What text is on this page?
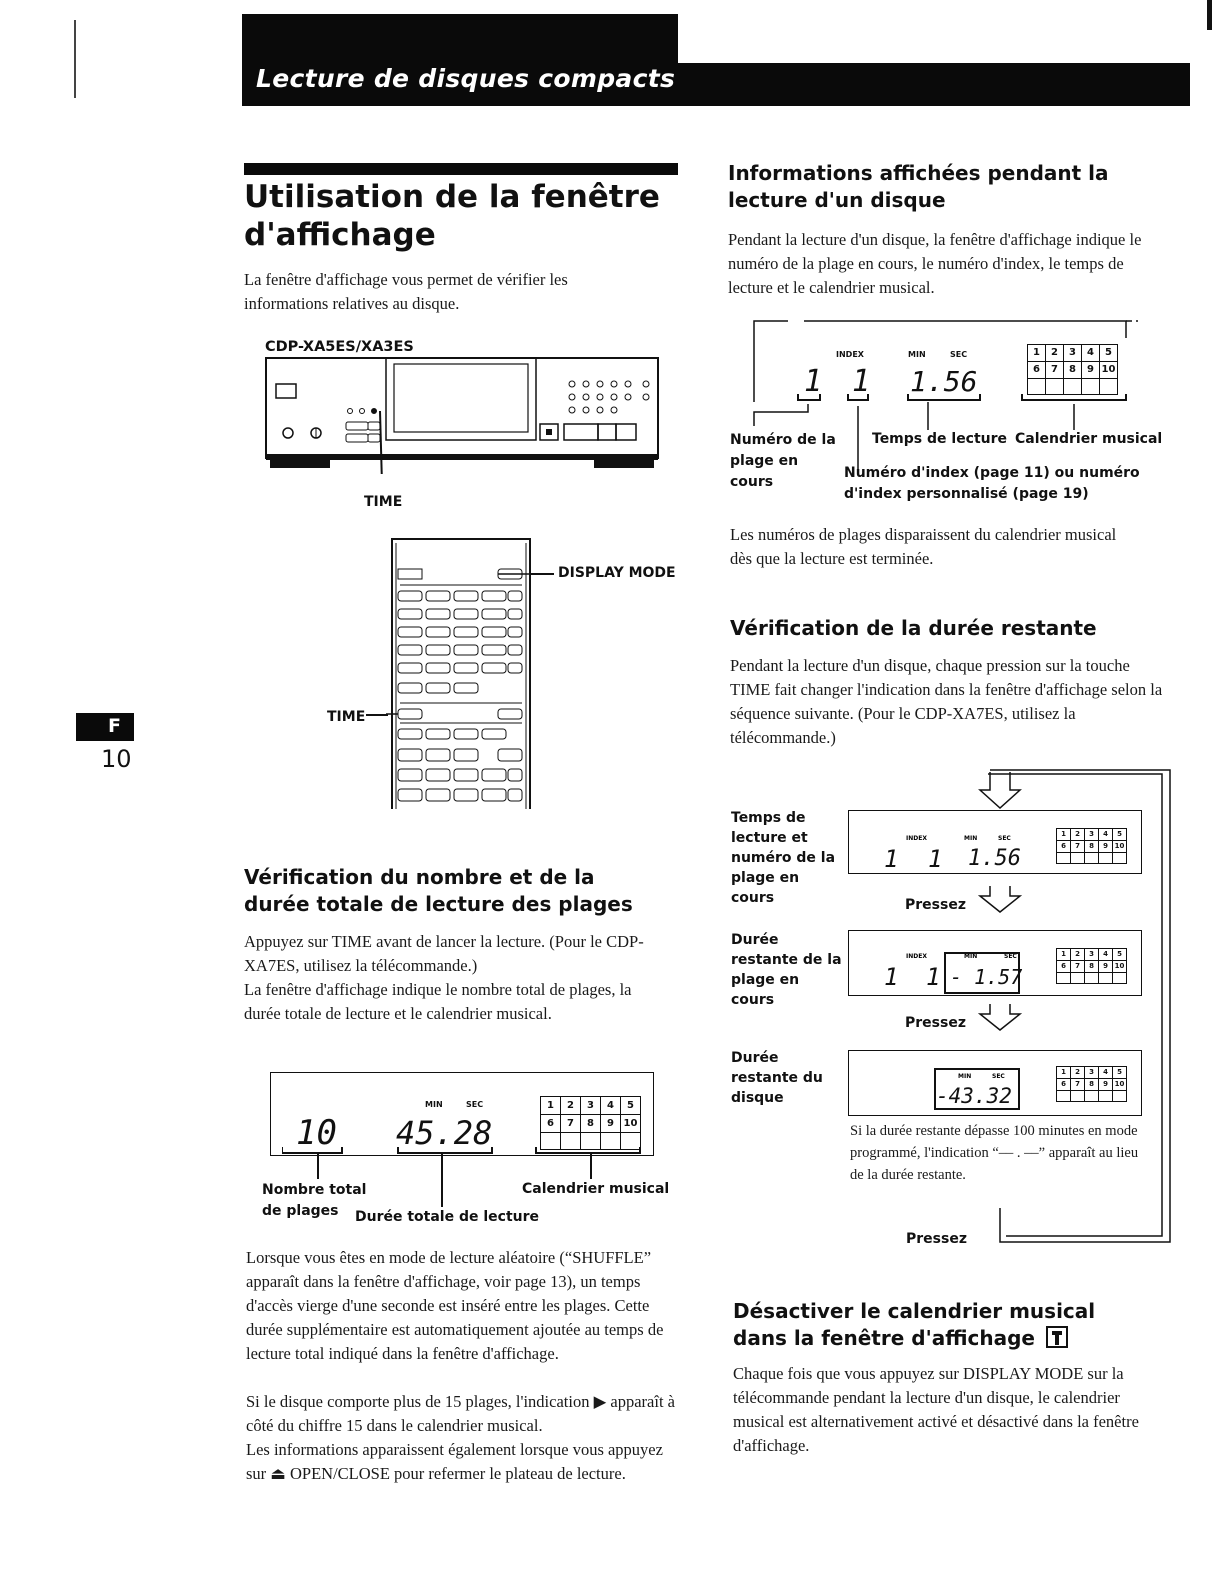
Lecture de disques compacts
F
10
Utilisation de la fenêtre
d'affichage
La fenêtre d'affichage vous permet de vérifier les informations relatives au disque.
CDP-XA5ES/XA3ES
TIME
DISPLAY MODE
TIME
Vérification du nombre et de la durée totale de lecture des plages
Appuyez sur TIME avant de lancer la lecture. (Pour le CDP-XA7ES, utilisez la télécommande.)
La fenêtre d'affichage indique le nombre total de plages, la durée totale de lecture et le calendrier musical.
MIN	SEC
10 45.28
1	2	3	4	5
6	7	8	9	10

Nombre total de plages	Durée totale de lecture
Calendrier musical
Lorsque vous êtes en mode de lecture aléatoire (“SHUFFLE” apparaît dans la fenêtre d'affichage, voir page 13), un temps d'accès vierge d'une seconde est inséré entre les plages. Cette durée supplémentaire est automatiquement ajoutée au temps de lecture total indiqué dans la fenêtre d'affichage.
Si le disque comporte plus de 15 plages, l'indication ▶ apparaît à côté du chiffre 15 dans le calendrier musical.
Les informations apparaissent également lorsque vous appuyez sur ⏏ OPEN/CLOSE pour refermer le plateau de lecture.
Informations affichées pendant la lecture d'un disque
Pendant la lecture d'un disque, la fenêtre d'affichage indique le numéro de la plage en cours, le numéro d'index, le temps de lecture et le calendrier musical.
INDEX	MIN	SEC
1 1 1.56
1	2	3	4	5
6	7	8	9	10

Numéro de la plage en cours
Temps de lecture Calendrier musical
Numéro d'index (page 11) ou numéro d'index personnalisé (page 19)
Les numéros de plages disparaissent du calendrier musical dès que la lecture est terminée.
Vérification de la durée restante
Pendant la lecture d'un disque, chaque pression sur la touche TIME fait changer l'indication dans la fenêtre d'affichage selon la séquence suivante. (Pour le CDP-XA7ES, utilisez la télécommande.)
Temps de lecture et numéro de la plage en cours
INDEX	MIN	SEC
1 1 1.56
1	2	3	4	5
6	7	8	9	10

Pressez
Durée restante de la plage en cours
INDEX	MIN	SEC
1 1 - 1.57
1	2	3	4	5
6	7	8	9	10

Pressez
Durée restante du disque
MIN	SEC
-43.32
1	2	3	4	5
6	7	8	9	10

Si la durée restante dépasse 100 minutes en mode programmé, l'indication “–– . ––” apparaît au lieu de la durée restante.
Pressez
Désactiver le calendrier musical dans la fenêtre d'affichage
Chaque fois que vous appuyez sur DISPLAY MODE sur la télécommande pendant la lecture d'un disque, le calendrier musical est alternativement activé et désactivé dans la fenêtre d'affichage.
